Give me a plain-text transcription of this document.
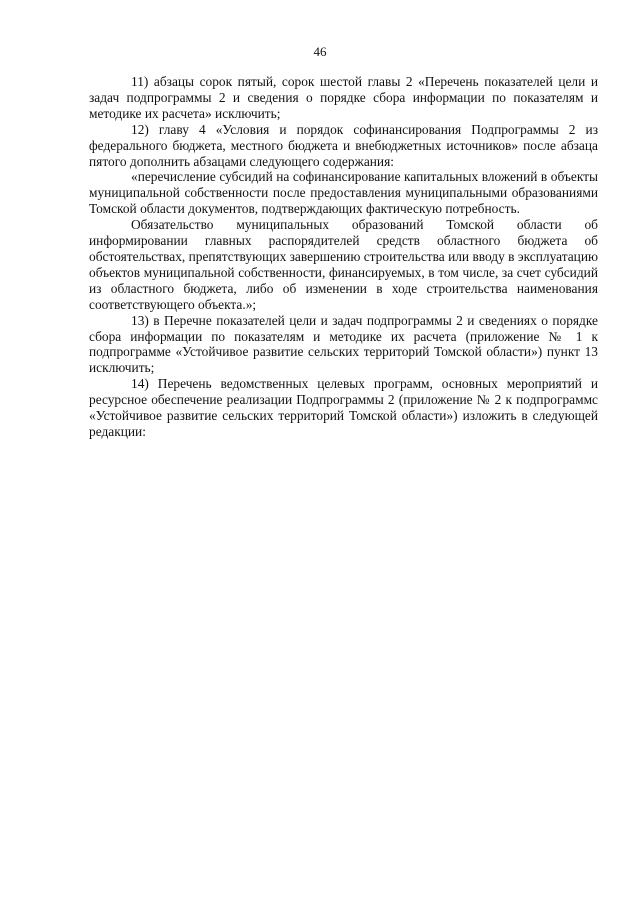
46

11) абзацы сорок пятый, сорок шестой главы 2 «Перечень показателей цели и задач подпрограммы 2 и сведения о порядке сбора информации по показателям и методике их расчета» исключить;

12) главу 4 «Условия и порядок софинансирования Подпрограммы 2 из федерального бюджета, местного бюджета и внебюджетных источников» после абзаца пятого дополнить абзацами следующего содержания:

«перечисление субсидий на софинансирование капитальных вложений в объекты муниципальной собственности после предоставления муниципальными образованиями Томской области документов, подтверждающих фактическую потребность.

Обязательство муниципальных образований Томской области об информировании главных распорядителей средств областного бюджета об обстоятельствах, препятствующих завершению строительства или вводу в эксплуатацию объектов муниципальной собственности, финансируемых, в том числе, за счет субсидий из областного бюджета, либо об изменении в ходе строительства наименования соответствующего объекта.»;

13) в Перечне показателей цели и задач подпрограммы 2 и сведениях о порядке сбора информации по показателям и методике их расчета (приложение № 1 к подпрограмме «Устойчивое развитие сельских территорий Томской области») пункт 13 исключить;

14) Перечень ведомственных целевых программ, основных мероприятий и ресурсное обеспечение реализации Подпрограммы 2 (приложение № 2 к подпрограммс «Устойчивое развитие сельских территорий Томской области») изложить в следующей редакции:
